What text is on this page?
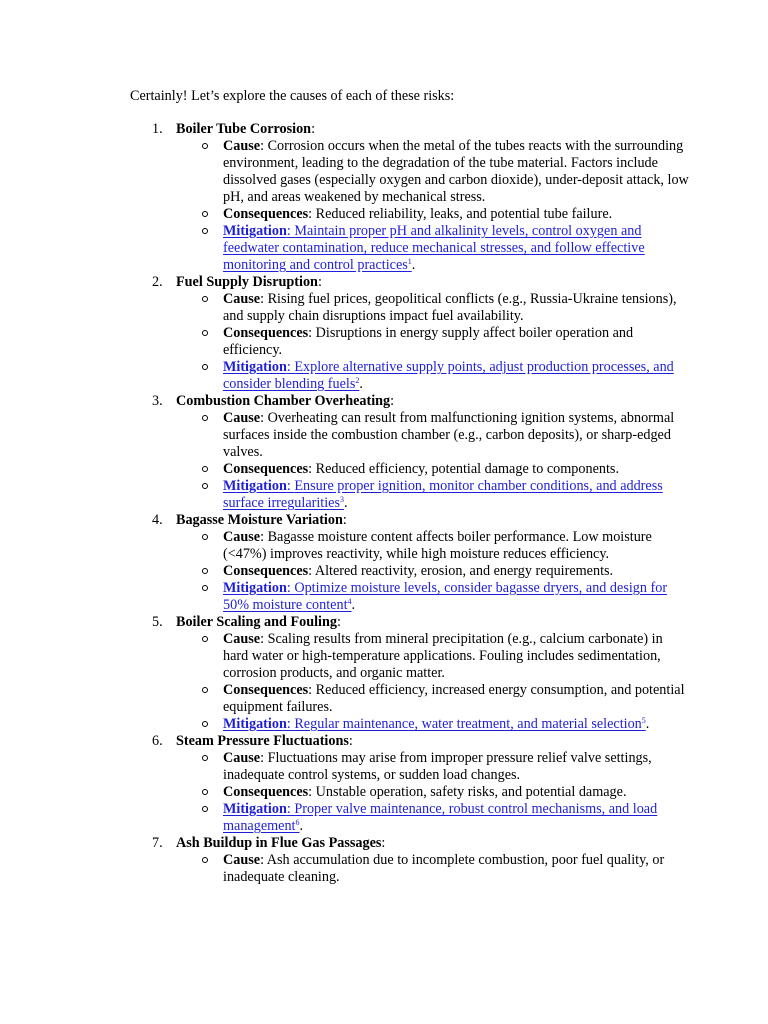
Certainly! Let’s explore the causes of each of these risks:

1. Boiler Tube Corrosion:
Cause: Corrosion occurs when the metal of the tubes reacts with the surrounding environment, leading to the degradation of the tube material. Factors include dissolved gases (especially oxygen and carbon dioxide), under-deposit attack, low pH, and areas weakened by mechanical stress.
Consequences: Reduced reliability, leaks, and potential tube failure.
Mitigation: Maintain proper pH and alkalinity levels, control oxygen and feedwater contamination, reduce mechanical stresses, and follow effective monitoring and control practices$^1$.
2. Fuel Supply Disruption:
Cause: Rising fuel prices, geopolitical conflicts (e.g., Russia-Ukraine tensions), and supply chain disruptions impact fuel availability.
Consequences: Disruptions in energy supply affect boiler operation and efficiency.
Mitigation: Explore alternative supply points, adjust production processes, and consider blending fuels$^2$.
3. Combustion Chamber Overheating:
Cause: Overheating can result from malfunctioning ignition systems, abnormal surfaces inside the combustion chamber (e.g., carbon deposits), or sharp-edged valves.
Consequences: Reduced efficiency, potential damage to components.
Mitigation: Ensure proper ignition, monitor chamber conditions, and address surface irregularities$^3$.
4. Bagasse Moisture Variation:
Cause: Bagasse moisture content affects boiler performance. Low moisture (<47%) improves reactivity, while high moisture reduces efficiency.
Consequences: Altered reactivity, erosion, and energy requirements.
Mitigation: Optimize moisture levels, consider bagasse dryers, and design for 50% moisture content$^4$.
5. Boiler Scaling and Fouling:
Cause: Scaling results from mineral precipitation (e.g., calcium carbonate) in hard water or high-temperature applications. Fouling includes sedimentation, corrosion products, and organic matter.
Consequences: Reduced efficiency, increased energy consumption, and potential equipment failures.
Mitigation: Regular maintenance, water treatment, and material selection$^5$.
6. Steam Pressure Fluctuations:
Cause: Fluctuations may arise from improper pressure relief valve settings, inadequate control systems, or sudden load changes.
Consequences: Unstable operation, safety risks, and potential damage.
Mitigation: Proper valve maintenance, robust control mechanisms, and load management$^6$.
7. Ash Buildup in Flue Gas Passages:
Cause: Ash accumulation due to incomplete combustion, poor fuel quality, or inadequate cleaning.
